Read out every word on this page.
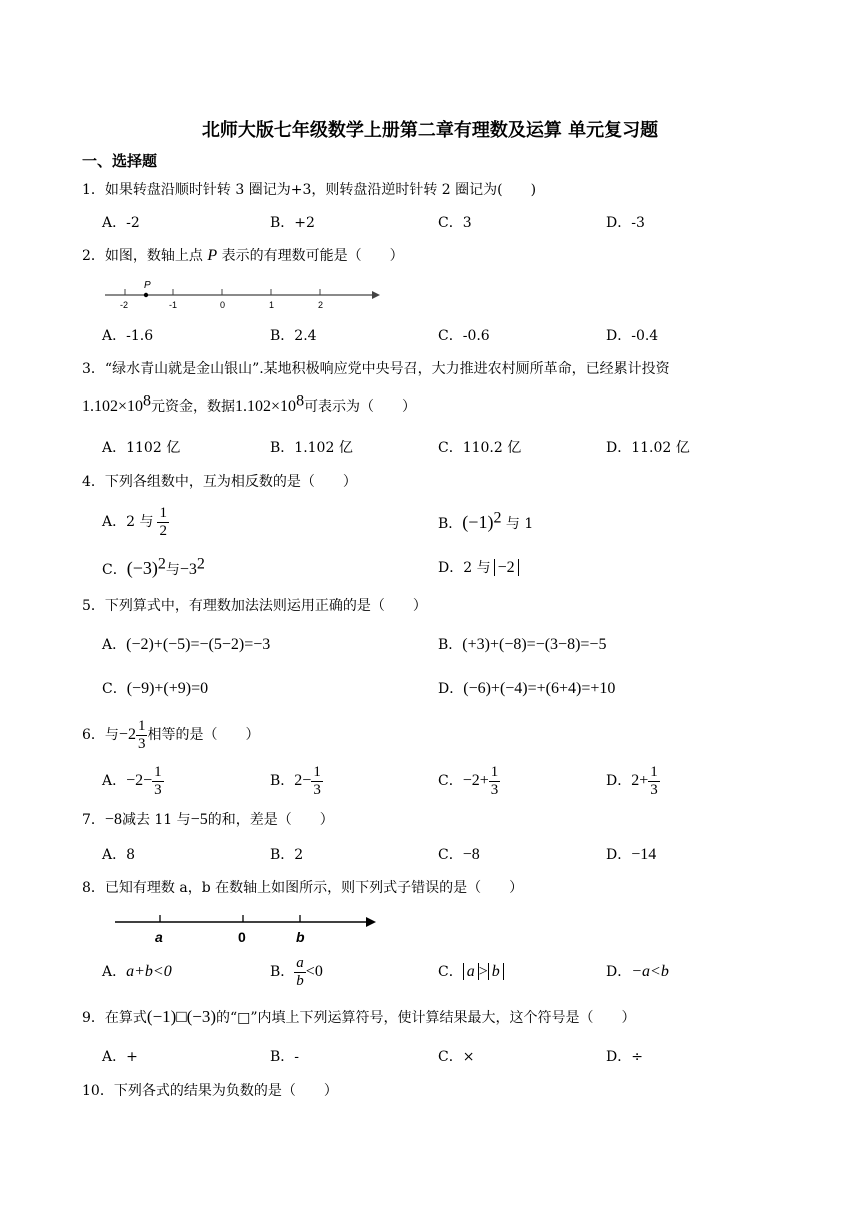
北师大版七年级数学上册第二章有理数及运算 单元复习题
一、选择题
1．如果转盘沿顺时针转 3 圈记为+3，则转盘沿逆时针转 2 圈记为(　　)
A．-2	B．+2	C．3	D．-3
2．如图，数轴上点 P 表示的有理数可能是（　　）
P
-2	-1	0	1	2
A．-1.6	B．2.4	C．-0.6	D．-0.4
3．“绿水青山就是金山银山”.某地积极响应党中央号召，大力推进农村厕所革命，已经累计投资
$1.102\times 10^8$元资金，数据$1.102\times 10^8$可表示为（　　）
A．1102 亿	B．1.102 亿	C．110.2 亿	D．11.02 亿
4．下列各组数中，互为相反数的是（　　）
A．2 与 $\frac{1}{2}$	B．$(-1)^2$ 与 1
C．$(-3)^2$与$-3^2$	D．2 与 −2
5．下列算式中，有理数加法法则运用正确的是（　　）
A．(−2)+(−5)=−(5−2)=−3	B．(+3)+(−8)=−(3−8)=−5
C．(−9)+(+9)=0	D．(−6)+(−4)=+(6+4)=+10
6．与 $-2 \frac{1}{3}$ 相等的是（　　）
A． $-2- \frac{1}{3}$	B． $2- \frac{1}{3}$	C． $-2+ \frac{1}{3}$	D． $2+ \frac{1}{3}$
7．−8减去 11 与−5的和，差是（　　）
A．8	B．2	C．−8	D．−14
8．已知有理数 a，b 在数轴上如图所示，则下列式子错误的是（　　）
a	0	b
A．a+b<0	B． $\frac{a}{b} <0$	C． a > b	D．−a<b
9．在算式(−1)□(−3)的“□”内填上下列运算符号，使计算结果最大，这个符号是（　　）
A．+	B．-	C．×	D．÷
10．下列各式的结果为负数的是（　　）
